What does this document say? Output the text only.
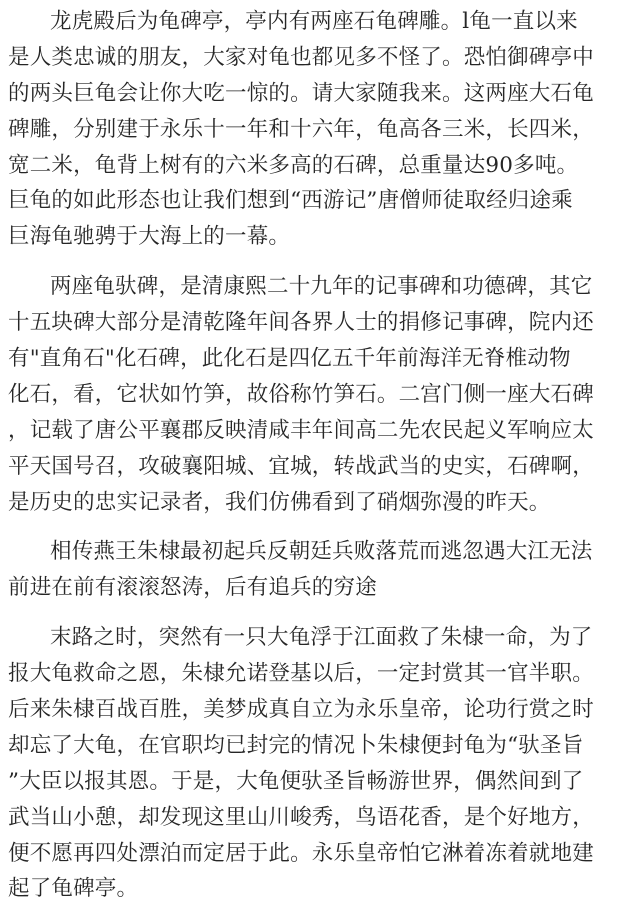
龙虎殿后为龟碑亭，亭内有两座石龟碑雕。l龟一直以来
是人类忠诚的朋友，大家对龟也都见多不怪了。恐怕御碑亭中
的两头巨龟会让你大吃一惊的。请大家随我来。这两座大石龟
碑雕，分别建于永乐十一年和十六年，龟高各三米，长四米，
宽二米，龟背上树有的六米多高的石碑，总重量达90多吨。
巨龟的如此形态也让我们想到“西游记”唐僧师徒取经归途乘
巨海龟驰骋于大海上的一幕。

两座龟驮碑，是清康熙二十九年的记事碑和功德碑，其它
十五块碑大部分是清乾隆年间各界人士的捐修记事碑，院内还
有"直角石"化石碑，此化石是四亿五千年前海洋无脊椎动物
化石，看，它状如竹笋，故俗称竹笋石。二宫门侧一座大石碑
，记载了唐公平襄郡反映清咸丰年间高二先农民起义军响应太
平天国号召，攻破襄阳城、宜城，转战武当的史实，石碑啊，
是历史的忠实记录者，我们仿佛看到了硝烟弥漫的昨天。

相传燕王朱棣最初起兵反朝廷兵败落荒而逃忽遇大江无法
前进在前有滚滚怒涛，后有追兵的穷途

末路之时，突然有一只大龟浮于江面救了朱棣一命，为了
报大龟救命之恩，朱棣允诺登基以后，一定封赏其一官半职。
后来朱棣百战百胜，美梦成真自立为永乐皇帝，论功行赏之时
却忘了大龟，在官职均已封完的情况卜朱棣便封龟为“驮圣旨
”大臣以报其恩。于是，大龟便驮圣旨畅游世界，偶然间到了
武当山小憩，却发现这里山川峻秀，鸟语花香，是个好地方，
便不愿再四处漂泊而定居于此。永乐皇帝怕它淋着冻着就地建
起了龟碑亭。
